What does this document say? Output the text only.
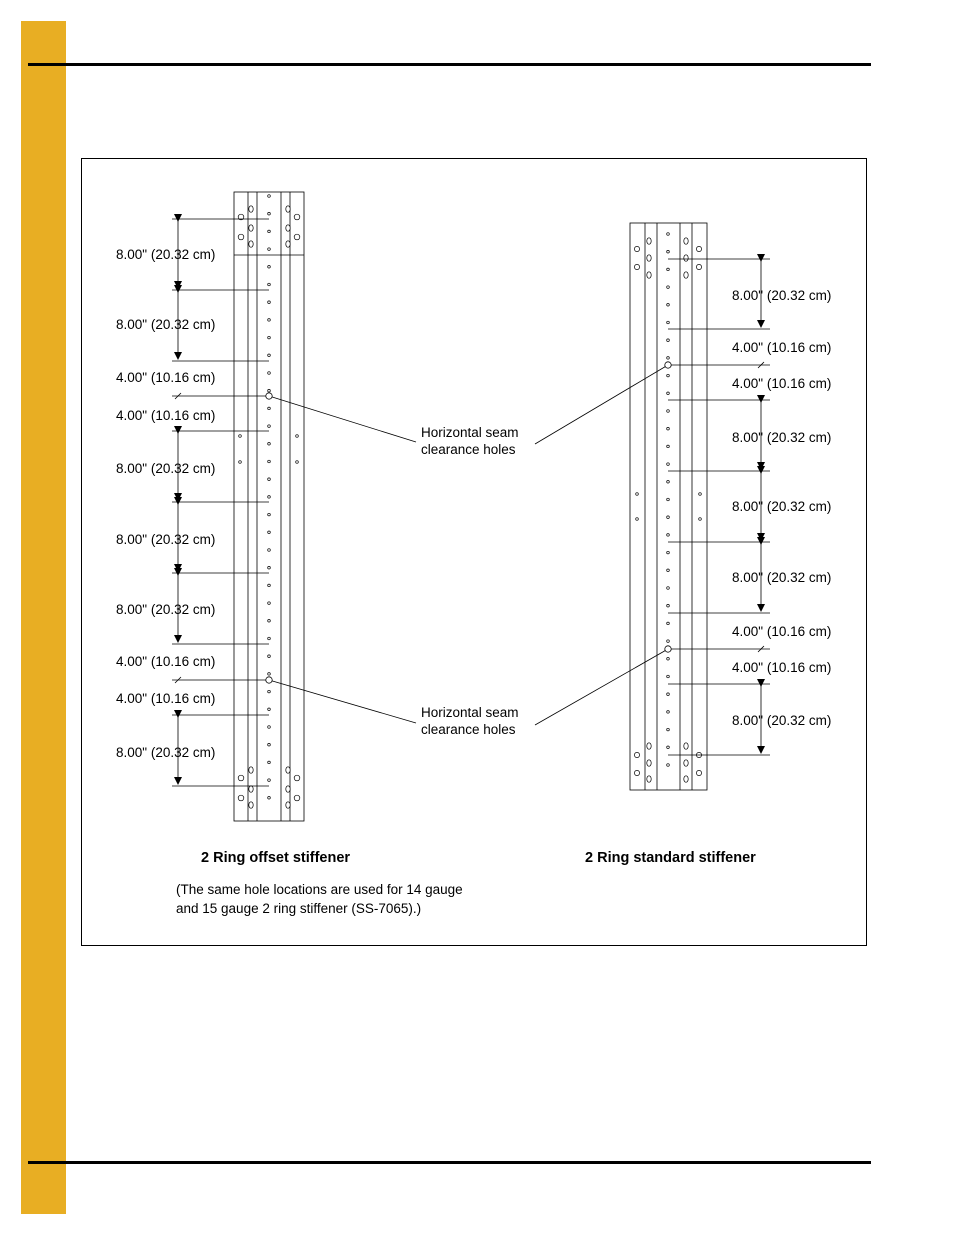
8.00" (20.32 cm)
8.00" (20.32 cm)
4.00" (10.16 cm)
4.00" (10.16 cm)
8.00" (20.32 cm)
8.00" (20.32 cm)
8.00" (20.32 cm)
4.00" (10.16 cm)
4.00" (10.16 cm)
8.00" (20.32 cm)
8.00" (20.32 cm)
4.00" (10.16 cm)
4.00" (10.16 cm)
8.00" (20.32 cm)
8.00" (20.32 cm)
8.00" (20.32 cm)
4.00" (10.16 cm)
4.00" (10.16 cm)
8.00" (20.32 cm)
Horizontal seam
clearance holes
Horizontal seam
clearance holes
2 Ring offset stiffener	2 Ring standard stiffener
(The same hole locations are used for 14 gauge
and 15 gauge 2 ring stiffener (SS-7065).)
